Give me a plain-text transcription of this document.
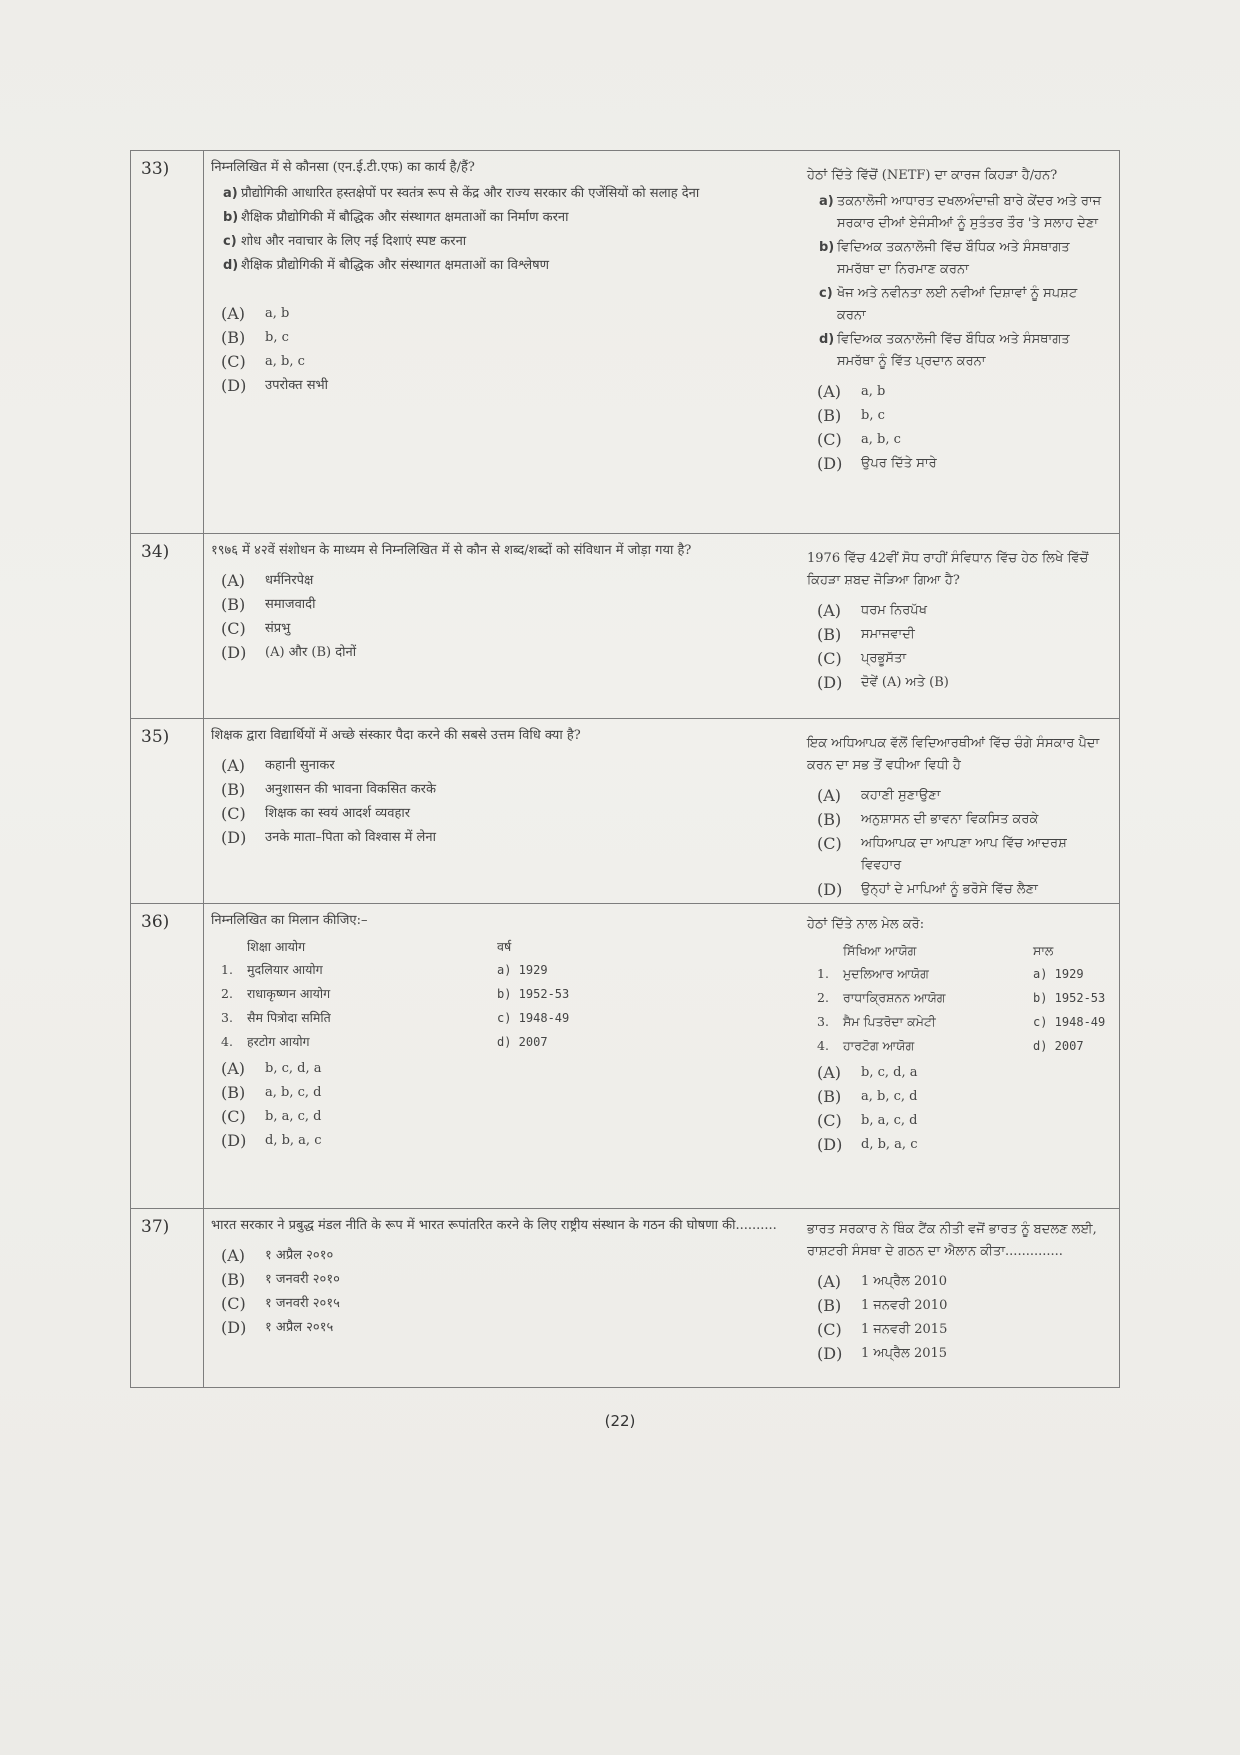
33)	निम्नलिखित में से कौनसा (एन.ई.टी.एफ) का कार्य है/हैं?
a) प्रौद्योगिकी आधारित हस्तक्षेपों पर स्वतंत्र रूप से केंद्र और राज्य सरकार की एजेंसियों को सलाह देना
b) शैक्षिक प्रौद्योगिकी में बौद्धिक और संस्थागत क्षमताओं का निर्माण करना
c) शोध और नवाचार के लिए नई दिशाएं स्पष्ट करना
d) शैक्षिक प्रौद्योगिकी में बौद्धिक और संस्थागत क्षमताओं का विश्लेषण
(A)	a, b
(B)	b, c
(C)	a, b, c
(D)	उपरोक्त सभी
ਹੇਠਾਂ ਦਿੱਤੇ ਵਿੱਚੋਂ (NETF) ਦਾ ਕਾਰਜ ਕਿਹੜਾ ਹੈ/ਹਨ?
a) ਤਕਨਾਲੋਜੀ ਆਧਾਰਤ ਦਖਲਅੰਦਾਜ਼ੀ ਬਾਰੇ ਕੇਂਦਰ ਅਤੇ ਰਾਜ ਸਰਕਾਰ ਦੀਆਂ ਏਜੰਸੀਆਂ ਨੂੰ ਸੁਤੰਤਰ ਤੌਰ 'ਤੇ ਸਲਾਹ ਦੇਣਾ
b) ਵਿਦਿਅਕ ਤਕਨਾਲੋਜੀ ਵਿੱਚ ਬੌਧਿਕ ਅਤੇ ਸੰਸਥਾਗਤ ਸਮਰੱਥਾ ਦਾ ਨਿਰਮਾਣ ਕਰਨਾ
c) ਖੋਜ ਅਤੇ ਨਵੀਨਤਾ ਲਈ ਨਵੀਆਂ ਦਿਸ਼ਾਵਾਂ ਨੂੰ ਸਪਸ਼ਟ ਕਰਨਾ
d) ਵਿਦਿਅਕ ਤਕਨਾਲੋਜੀ ਵਿੱਚ ਬੌਧਿਕ ਅਤੇ ਸੰਸਥਾਗਤ ਸਮਰੱਥਾ ਨੂੰ ਵਿੱਤ ਪ੍ਰਦਾਨ ਕਰਨਾ
(A)	a, b
(B)	b, c
(C)	a, b, c
(D)	ਉਪਰ ਦਿੱਤੇ ਸਾਰੇ
34)	१९७६ में ४२वें संशोधन के माध्यम से निम्नलिखित में से कौन से शब्द/शब्दों को संविधान में जोड़ा गया है?
(A)	धर्मनिरपेक्ष
(B)	समाजवादी
(C)	संप्रभु
(D)	(A) और (B) दोनों
1976 ਵਿੱਚ 42ਵੀਂ ਸੋਧ ਰਾਹੀਂ ਸੰਵਿਧਾਨ ਵਿੱਚ ਹੇਠ ਲਿਖੇ ਵਿੱਚੋਂ ਕਿਹੜਾ ਸ਼ਬਦ ਜੋੜਿਆ ਗਿਆ ਹੈ?
(A)	ਧਰਮ ਨਿਰਪੱਖ
(B)	ਸਮਾਜਵਾਦੀ
(C)	ਪ੍ਰਭੂਸੱਤਾ
(D)	ਦੋਵੇਂ (A) ਅਤੇ (B)
35)	शिक्षक द्वारा विद्यार्थियों में अच्छे संस्कार पैदा करने की सबसे उत्तम विधि क्या है?
(A)	कहानी सुनाकर
(B)	अनुशासन की भावना विकसित करके
(C)	शिक्षक का स्वयं आदर्श व्यवहार
(D)	उनके माता–पिता को विश्वास में लेना
ਇਕ ਅਧਿਆਪਕ ਵੱਲੋਂ ਵਿਦਿਆਰਥੀਆਂ ਵਿੱਚ ਚੰਗੇ ਸੰਸਕਾਰ ਪੈਦਾ ਕਰਨ ਦਾ ਸਭ ਤੋਂ ਵਧੀਆ ਵਿਧੀ ਹੈ
(A)	ਕਹਾਣੀ ਸੁਣਾਉਣਾ
(B)	ਅਨੁਸ਼ਾਸਨ ਦੀ ਭਾਵਨਾ ਵਿਕਸਿਤ ਕਰਕੇ
(C)	ਅਧਿਆਪਕ ਦਾ ਆਪਣਾ ਆਪ ਵਿੱਚ ਆਦਰਸ਼ ਵਿਵਹਾਰ
(D)	ਉਨ੍ਹਾਂ ਦੇ ਮਾਪਿਆਂ ਨੂੰ ਭਰੋਸੇ ਵਿੱਚ ਲੈਣਾ
36)	निम्नलिखित का मिलान कीजिए:–
शिक्षा आयोग	वर्ष
1.	मुदलियार आयोग	a) 1929
2.	राधाकृष्णन आयोग	b) 1952-53
3.	सैम पित्रोदा समिति	c) 1948-49
4.	हरटोग आयोग	d) 2007
(A)	b, c, d, a
(B)	a, b, c, d
(C)	b, a, c, d
(D)	d, b, a, c
ਹੇਠਾਂ ਦਿੱਤੇ ਨਾਲ ਮੇਲ ਕਰੋ:
ਸਿੱਖਿਆ ਆਯੋਗ	ਸਾਲ
1.	ਮੁਦਲਿਆਰ ਆਯੋਗ	a) 1929
2.	ਰਾਧਾਕ੍ਰਿਸ਼ਨਨ ਆਯੋਗ	b) 1952-53
3.	ਸੈਮ ਪਿਤਰੋਦਾ ਕਮੇਟੀ	c) 1948-49
4.	ਹਾਰਟੋਗ ਆਯੋਗ	d) 2007
(A)	b, c, d, a
(B)	a, b, c, d
(C)	b, a, c, d
(D)	d, b, a, c
37)	भारत सरकार ने प्रबुद्ध मंडल नीति के रूप में भारत रूपांतरित करने के लिए राष्ट्रीय संस्थान के गठन की घोषणा की..........
(A)	१ अप्रैल २०१०
(B)	१ जनवरी २०१०
(C)	१ जनवरी २०१५
(D)	१ अप्रैल २०१५
ਭਾਰਤ ਸਰਕਾਰ ਨੇ ਥਿੰਕ ਟੈਂਕ ਨੀਤੀ ਵਜੋਂ ਭਾਰਤ ਨੂੰ ਬਦਲਣ ਲਈ, ਰਾਸ਼ਟਰੀ ਸੰਸਥਾ ਦੇ ਗਠਨ ਦਾ ਐਲਾਨ ਕੀਤਾ..............
(A)	1 ਅਪ੍ਰੈਲ 2010
(B)	1 ਜਨਵਰੀ 2010
(C)	1 ਜਨਵਰੀ 2015
(D)	1 ਅਪ੍ਰੈਲ 2015
(22)
